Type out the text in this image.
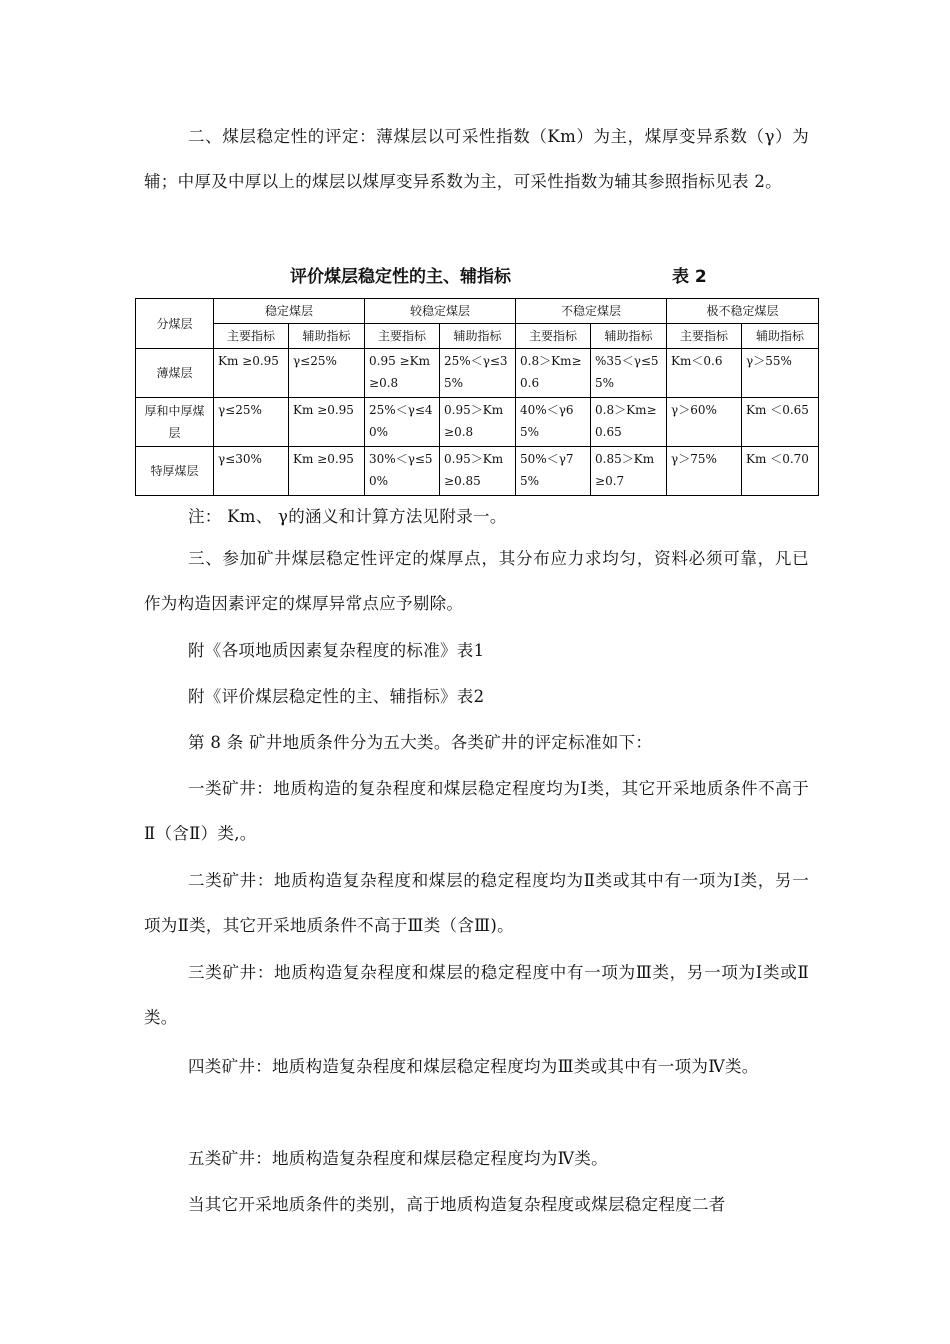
二、煤层稳定性的评定：薄煤层以可采性指数（Km）为主，煤厚变异系数（γ）为辅；中厚及中厚以上的煤层以煤厚变异系数为主，可采性指数为辅其参照指标见表 2。

评价煤层稳定性的主、辅指标	表 2

分煤层	稳定煤层		较稳定煤层		不稳定煤层		极不稳定煤层	
	主要指标	辅助指标	主要指标	辅助指标	主要指标	辅助指标	主要指标	辅助指标
薄煤层	Km ≥0.95	γ≤25%	0.95 ≥Km≥0.8	25%＜γ≤35%	0.8＞Km≥0.6	%35＜γ≤55%	Km＜0.6	γ＞55%
厚和中厚煤层	γ≤25%	Km ≥0.95	25%＜γ≤40%	0.95＞Km≥0.8	40%＜γ65%	0.8＞Km≥0.65	γ＞60%	Km ＜0.65
特厚煤层	γ≤30%	Km ≥0.95	30%＜γ≤50%	0.95＞Km≥0.85	50%＜γ75%	0.85＞Km≥0.7	γ＞75%	Km ＜0.70

注： Km、 γ的涵义和计算方法见附录一。

三、参加矿井煤层稳定性评定的煤厚点，其分布应力求均匀，资料必须可靠，凡已作为构造因素评定的煤厚异常点应予剔除。

附《各项地质因素复杂程度的标准》表1

附《评价煤层稳定性的主、辅指标》表2

第 8 条 矿井地质条件分为五大类。各类矿井的评定标准如下：

一类矿井：地质构造的复杂程度和煤层稳定程度均为Ⅰ类，其它开采地质条件不高于Ⅱ（含Ⅱ）类,。

二类矿井：地质构造复杂程度和煤层的稳定程度均为Ⅱ类或其中有一项为Ⅰ类，另一项为Ⅱ类，其它开采地质条件不高于Ⅲ类（含Ⅲ)。

三类矿井：地质构造复杂程度和煤层的稳定程度中有一项为Ⅲ类，另一项为Ⅰ类或Ⅱ类。

四类矿井：地质构造复杂程度和煤层稳定程度均为Ⅲ类或其中有一项为Ⅳ类。

五类矿井：地质构造复杂程度和煤层稳定程度均为Ⅳ类。

当其它开采地质条件的类别，高于地质构造复杂程度或煤层稳定程度二者
